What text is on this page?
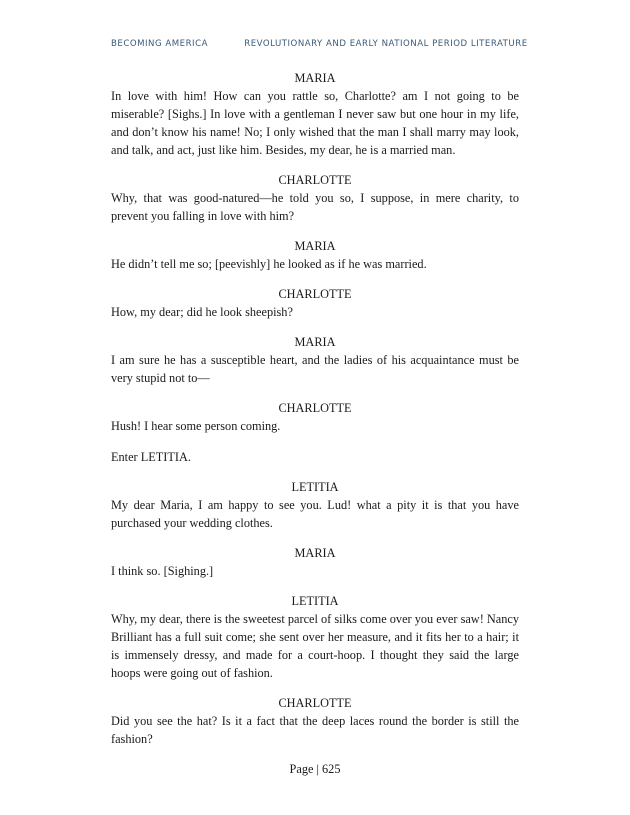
BECOMING AMERICA	REVOLUTIONARY AND EARLY NATIONAL PERIOD LITERATURE

MARIA

In love with him! How can you rattle so, Charlotte? am I not going to be miserable? [Sighs.] In love with a gentleman I never saw but one hour in my life, and don’t know his name! No; I only wished that the man I shall marry may look, and talk, and act, just like him. Besides, my dear, he is a married man.

CHARLOTTE

Why, that was good-natured—he told you so, I suppose, in mere charity, to prevent you falling in love with him?

MARIA

He didn’t tell me so; [peevishly] he looked as if he was married.

CHARLOTTE

How, my dear; did he look sheepish?

MARIA

I am sure he has a susceptible heart, and the ladies of his acquaintance must be very stupid not to—

CHARLOTTE

Hush! I hear some person coming.

Enter LETITIA.

LETITIA

My dear Maria, I am happy to see you. Lud! what a pity it is that you have purchased your wedding clothes.

MARIA

I think so. [Sighing.]

LETITIA

Why, my dear, there is the sweetest parcel of silks come over you ever saw! Nancy Brilliant has a full suit come; she sent over her measure, and it fits her to a hair; it is immensely dressy, and made for a court-hoop. I thought they said the large hoops were going out of fashion.

CHARLOTTE

Did you see the hat? Is it a fact that the deep laces round the border is still the fashion?

Page | 625
